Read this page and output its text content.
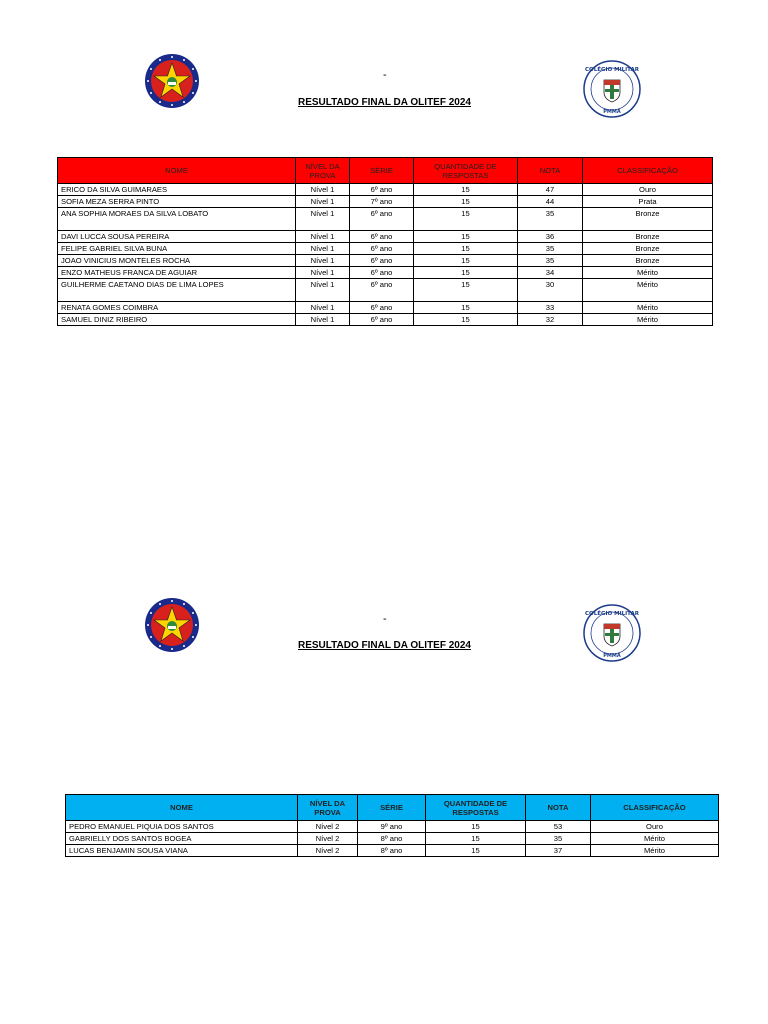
-
RESULTADO FINAL DA OLITEF 2024
COLÉGIO MILITAR
PMMA
NOME	NÍVEL DA PROVA	SÉRIE	QUANTIDADE DE RESPOSTAS	NOTA	CLASSIFICAÇÃO
ERICO DA SILVA GUIMARAES	Nível 1	6º ano	15	47	Ouro
SOFIA MEZA SERRA PINTO	Nível 1	7º ano	15	44	Prata
ANA SOPHIA MORAES DA SILVA LOBATO	Nível 1	6º ano	15	35	Bronze
DAVI LUCCA SOUSA PEREIRA	Nível 1	6º ano	15	36	Bronze
FELIPE GABRIEL SILVA BUNA	Nível 1	6º ano	15	35	Bronze
JOAO VINICIUS MONTELES ROCHA	Nível 1	6º ano	15	35	Bronze
ENZO MATHEUS FRANCA DE AGUIAR	Nível 1	6º ano	15	34	Mérito
GUILHERME CAETANO DIAS DE LIMA LOPES	Nível 1	6º ano	15	30	Mérito
RENATA GOMES COIMBRA	Nível 1	6º ano	15	33	Mérito
SAMUEL DINIZ RIBEIRO	Nível 1	6º ano	15	32	Mérito
-
RESULTADO FINAL DA OLITEF 2024
COLÉGIO MILITAR
PMMA
NOME	NÍVEL DA PROVA	SÉRIE	QUANTIDADE DE RESPOSTAS	NOTA	CLASSIFICAÇÃO
PEDRO EMANUEL PIQUIA DOS SANTOS	Nível 2	9º ano	15	53	Ouro
GABRIELLY DOS SANTOS BOGEA	Nível 2	8º ano	15	35	Mérito
LUCAS BENJAMIN SOUSA VIANA	Nível 2	8º ano	15	37	Mérito
